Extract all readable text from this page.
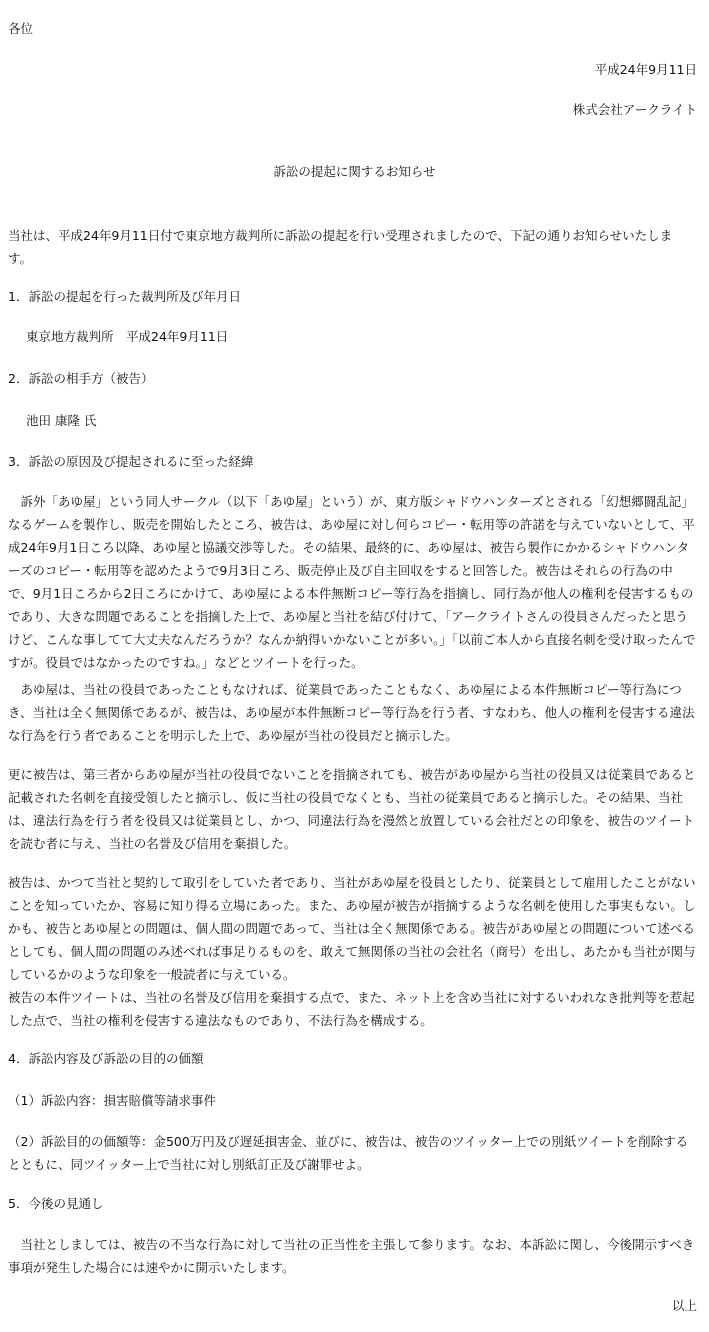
各位
平成24年9月11日
株式会社アークライト
訴訟の提起に関するお知らせ
当社は、平成24年9月11日付で東京地方裁判所に訴訟の提起を行い受理されましたので、下記の通りお知らせいたします。
1．訴訟の提起を行った裁判所及び年月日
東京地方裁判所　平成24年9月11日
2．訴訟の相手方（被告）
池田 康隆 氏
3．訴訟の原因及び提起されるに至った経緯
　訴外「あゆ屋」という同人サークル（以下「あゆ屋」という）が、東方版シャドウハンターズとされる「幻想郷闘乱記」なるゲームを製作し、販売を開始したところ、被告は、あゆ屋に対し何らコピー・転用等の許諾を与えていないとして、平成24年9月1日ころ以降、あゆ屋と協議交渉等した。その結果、最終的に、あゆ屋は、被告ら製作にかかるシャドウハンターズのコピー・転用等を認めたようで9月3日ころ、販売停止及び自主回収をすると回答した。被告はそれらの行為の中で、9月1日ころから2日ころにかけて、あゆ屋による本件無断コピー等行為を指摘し、同行為が他人の権利を侵害するものであり、大きな問題であることを指摘した上で、あゆ屋と当社を結び付けて、「アークライトさんの役員さんだったと思うけど、こんな事してて大丈夫なんだろうか？なんか納得いかないことが多い。」「以前ご本人から直接名刺を受け取ったんですが。役員ではなかったのですね。」などとツイートを行った。
　あゆ屋は、当社の役員であったこともなければ、従業員であったこともなく、あゆ屋による本件無断コピー等行為につき、当社は全く無関係であるが、被告は、あゆ屋が本件無断コピー等行為を行う者、すなわち、他人の権利を侵害する違法な行為を行う者であることを明示した上で、あゆ屋が当社の役員だと摘示した。
更に被告は、第三者からあゆ屋が当社の役員でないことを指摘されても、被告があゆ屋から当社の役員又は従業員であると記載された名刺を直接受領したと摘示し、仮に当社の役員でなくとも、当社の従業員であると摘示した。その結果、当社は、違法行為を行う者を役員又は従業員とし、かつ、同違法行為を漫然と放置している会社だとの印象を、被告のツイートを読む者に与え、当社の名誉及び信用を棄損した。
被告は、かつて当社と契約して取引をしていた者であり、当社があゆ屋を役員としたり、従業員として雇用したことがないことを知っていたか、容易に知り得る立場にあった。また、あゆ屋が被告が指摘するような名刺を使用した事実もない。しかも、被告とあゆ屋との問題は、個人間の問題であって、当社は全く無関係である。被告があゆ屋との問題について述べるとしても、個人間の問題のみ述べれば事足りるものを、敢えて無関係の当社の会社名（商号）を出し、あたかも当社が関与しているかのような印象を一般読者に与えている。
被告の本件ツイートは、当社の名誉及び信用を棄損する点で、また、ネット上を含め当社に対するいわれなき批判等を惹起した点で、当社の権利を侵害する違法なものであり、不法行為を構成する。
4．訴訟内容及び訴訟の目的の価額
（1）訴訟内容：損害賠償等請求事件
（2）訴訟目的の価額等：金500万円及び遅延損害金、並びに、被告は、被告のツイッター上での別紙ツイートを削除するとともに、同ツイッター上で当社に対し別紙訂正及び謝罪せよ。
5．今後の見通し
　当社としましては、被告の不当な行為に対して当社の正当性を主張して参ります。なお、本訴訟に関し、今後開示すべき事項が発生した場合には速やかに開示いたします。
以上
